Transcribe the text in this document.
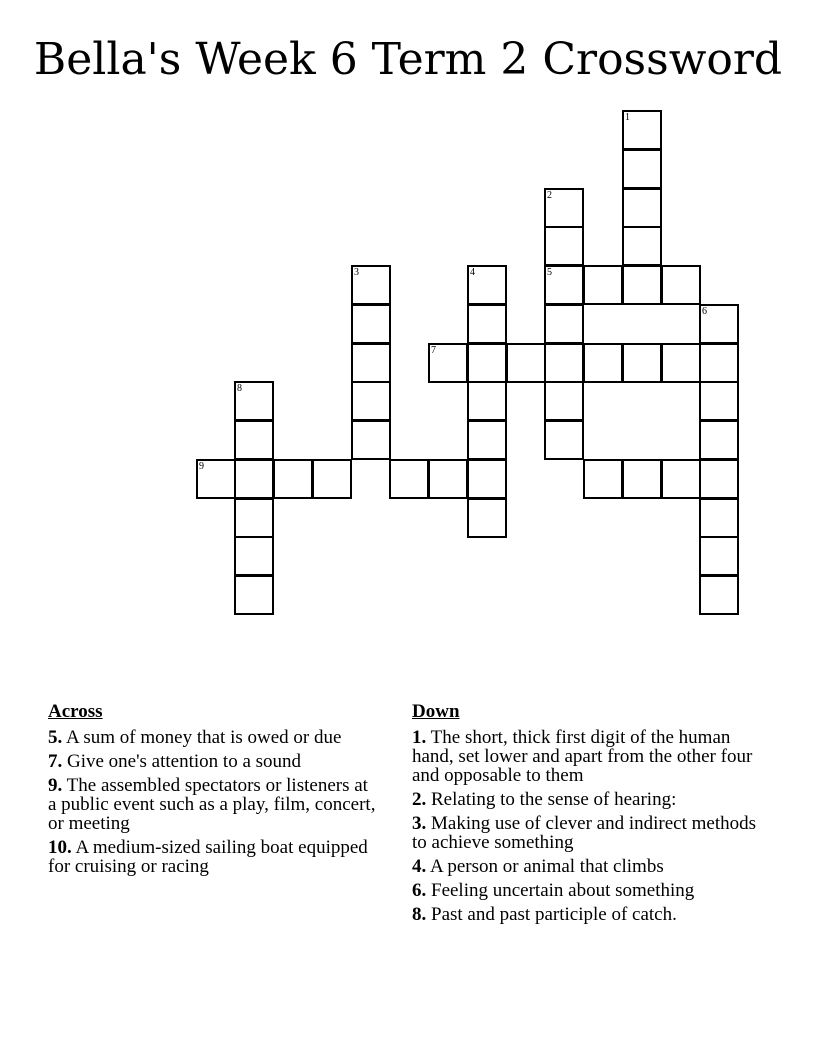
Bella's Week 6 Term 2 Crossword
1
2
5
3	4
6
7
8
9
Across
5. A sum of money that is owed or due
7. Give one's attention to a sound
9. The assembled spectators or listeners at a public event such as a play, film, concert, or meeting
10. A medium-sized sailing boat equipped for cruising or racing
Down
1. The short, thick first digit of the human hand, set lower and apart from the other four and opposable to them
2. Relating to the sense of hearing:
3. Making use of clever and indirect methods to achieve something
4. A person or animal that climbs
6. Feeling uncertain about something
8. Past and past participle of catch.
